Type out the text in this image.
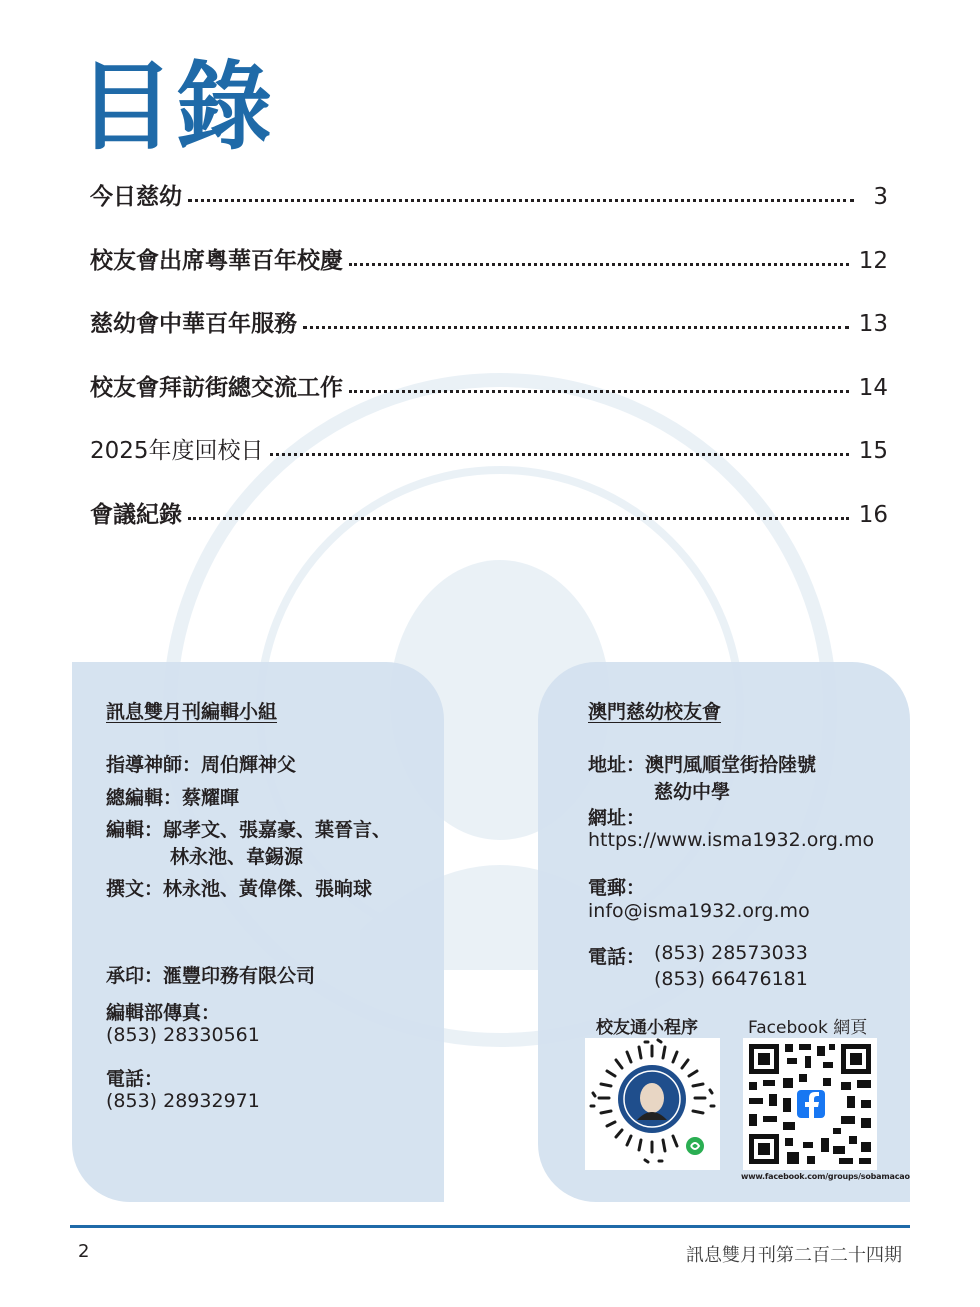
目錄
今日慈幼	3
校友會出席粵華百年校慶	12
慈幼會中華百年服務	13
校友會拜訪街總交流工作	14
2025年度回校日	15
會議紀錄	16

訊息雙月刊編輯小組

指導神師：周伯輝神父

總編輯：蔡耀暉

編輯：鄔孝文、張嘉豪、葉晉言、

林永池、韋錫源

撰文：林永池、黃偉傑、張晌球

承印：滙豐印務有限公司

編輯部傳真：

(853) 28330561

電話：

(853) 28932971

澳門慈幼校友會

地址：澳門風順堂街拾陸號

慈幼中學

網址：

https://www.isma1932.org.mo

電郵：

info@isma1932.org.mo

電話： (853) 28573033

(853) 66476181

校友通小程序	Facebook 網頁

www.facebook.com/groups/sobamacao

2	訊息雙月刊第二百二十四期
